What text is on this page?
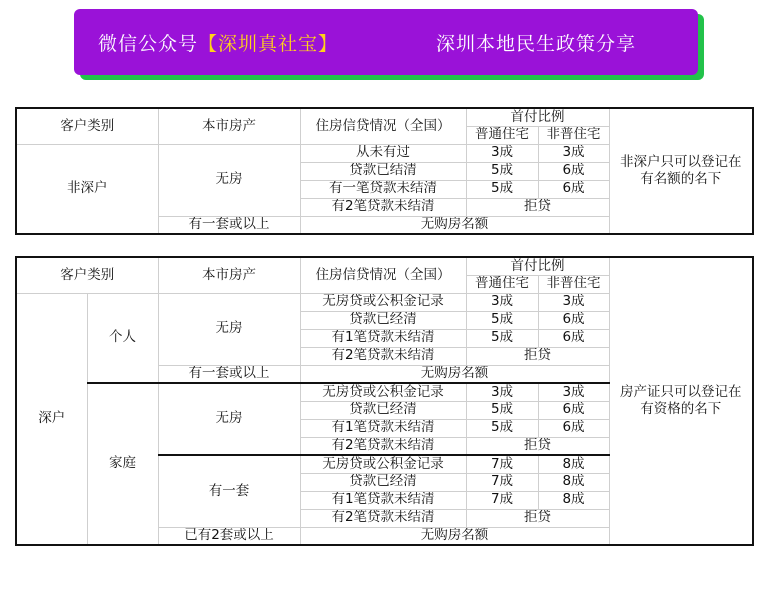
微信公众号【深圳真社宝】	深圳本地民生政策分享
客户类别	本市房产	住房信贷情况（全国）	首付比例		非深户只可以登记在有名额的名下
			普通住宅	非普住宅	
非深户	无房	从未有过	3成	3成	
		贷款已结清	5成	6成	
		有一笔贷款未结清	5成	6成	
		有2笔贷款未结清	拒贷		
	有一套或以上	无购房名额			
客户类别		本市房产	住房信贷情况（全国）	首付比例		房产证只可以登记在有资格的名下
				普通住宅	非普住宅	
深户	个人	无房	无房贷或公积金记录	3成	3成	
			贷款已经清	5成	6成	
			有1笔贷款未结清	5成	6成	
			有2笔贷款未结清	拒贷		
		有一套或以上	无购房名额			
	家庭	无房	无房贷或公积金记录	3成	3成	
			贷款已经清	5成	6成	
			有1笔贷款未结清	5成	6成	
			有2笔贷款未结清	拒贷		
		有一套	无房贷或公积金记录	7成	8成	
			贷款已经清	7成	8成	
			有1笔贷款未结清	7成	8成	
			有2笔贷款未结清	拒贷		
		已有2套或以上	无购房名额			
